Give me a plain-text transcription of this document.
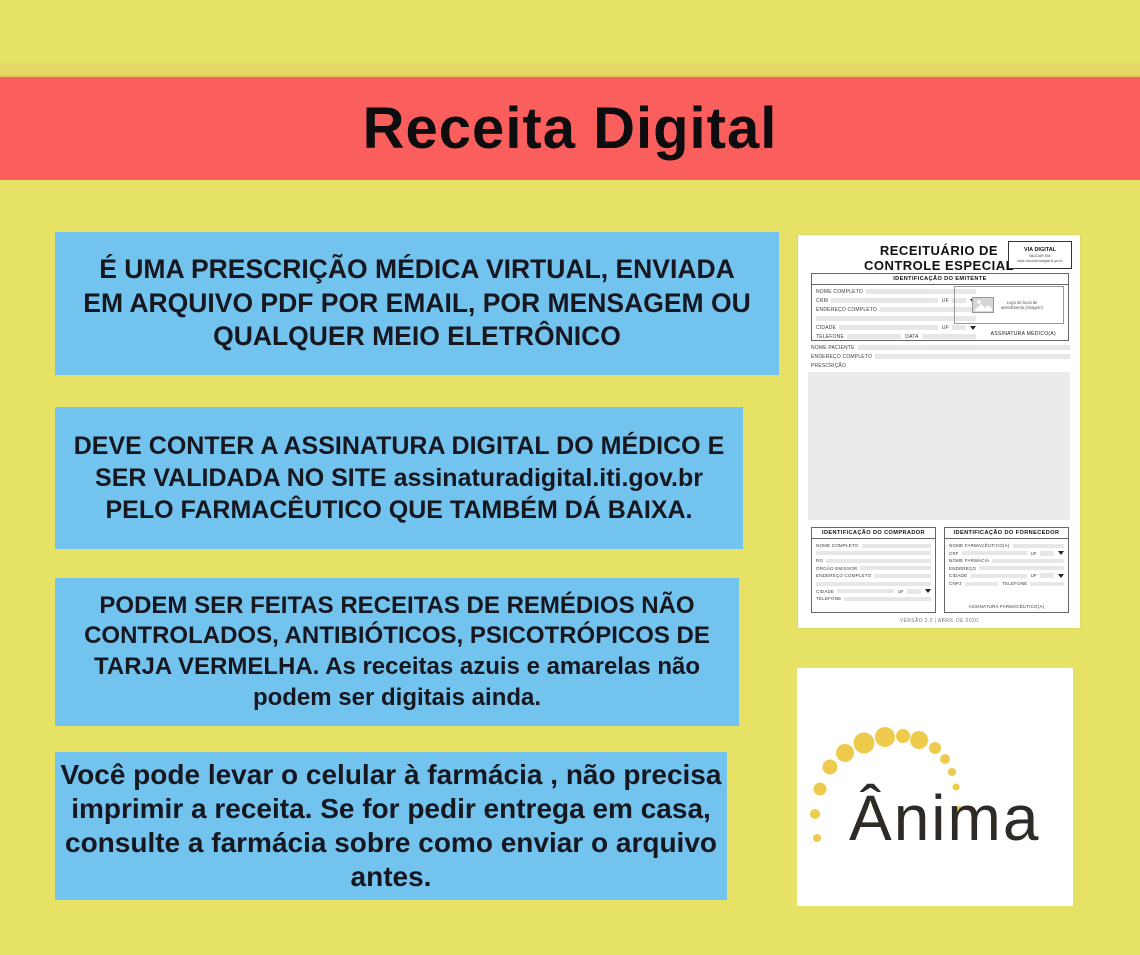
Receita Digital

É UMA PRESCRIÇÃO MÉDICA VIRTUAL, ENVIADA EM ARQUIVO PDF POR EMAIL, POR MENSAGEM OU QUALQUER MEIO ELETRÔNICO

DEVE CONTER A ASSINATURA DIGITAL DO MÉDICO E SER VALIDADA NO SITE assinaturadigital.iti.gov.br PELO FARMACÊUTICO QUE TAMBÉM DÁ BAIXA.

PODEM SER FEITAS RECEITAS DE REMÉDIOS NÃO CONTROLADOS, ANTIBIÓTICOS, PSICOTRÓPICOS DE TARJA VERMELHA. As receitas azuis e amarelas não podem ser digitais ainda.

Você pode levar o celular à farmácia , não precisa imprimir a receita. Se for pedir entrega em casa, consulte a farmácia sobre como enviar o arquivo antes.

RECEITUÁRIO DE
CONTROLE ESPECIAL
VIA DIGITAL
VALIDAR EM:
https://assinaturadigital.iti.gov.br
IDENTIFICAÇÃO DO EMITENTE
NOME COMPLETO
CRM	UF
ENDEREÇO COMPLETO
CIDADE	UF
TELEFONE	DATA
Logo do local de atendimento (imagem)
ASSINATURA MÉDICO(A)
NOME PACIENTE
ENDEREÇO COMPLETO
PRESCRIÇÃO
IDENTIFICAÇÃO DO COMPRADOR
NOME COMPLETO
RG
ÓRGÃO EMISSOR
ENDEREÇO COMPLETO
CIDADE	UF
TELEFONE
IDENTIFICAÇÃO DO FORNECEDOR
NOME FARMACÊUTICO(A)
CRF	UF
NOME FARMÁCIA
ENDEREÇO
CIDADE	UF
CNPJ	TELEFONE
ASSINATURA FARMACÊUTICO(A)
VERSÃO 2.0 | ABRIL DE 2020
Ânima
